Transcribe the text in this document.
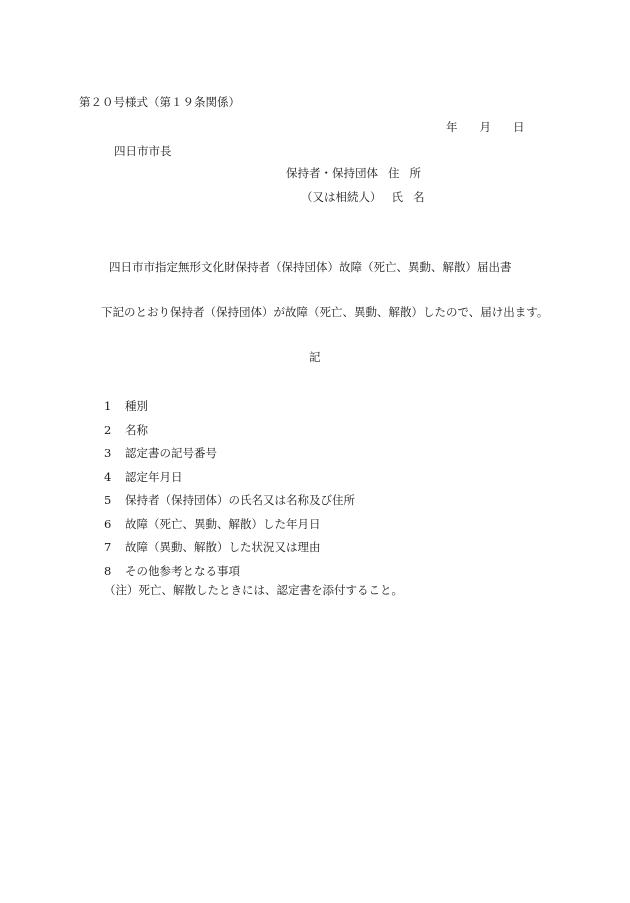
第２０号様式（第１９条関係）
年 月 日
四日市市長
保持者・保持団体 住 所
（又は相続人） 氏 名
四日市市指定無形文化財保持者（保持団体）故障（死亡、異動、解散）届出書
下記のとおり保持者（保持団体）が故障（死亡、異動、解散）したので、届け出ます。
記
1 種別
2 名称
3 認定書の記号番号
4 認定年月日
5 保持者（保持団体）の氏名又は名称及び住所
6 故障（死亡、異動、解散）した年月日
7 故障（異動、解散）した状況又は理由
8 その他参考となる事項
（注）死亡、解散したときには、認定書を添付すること。
